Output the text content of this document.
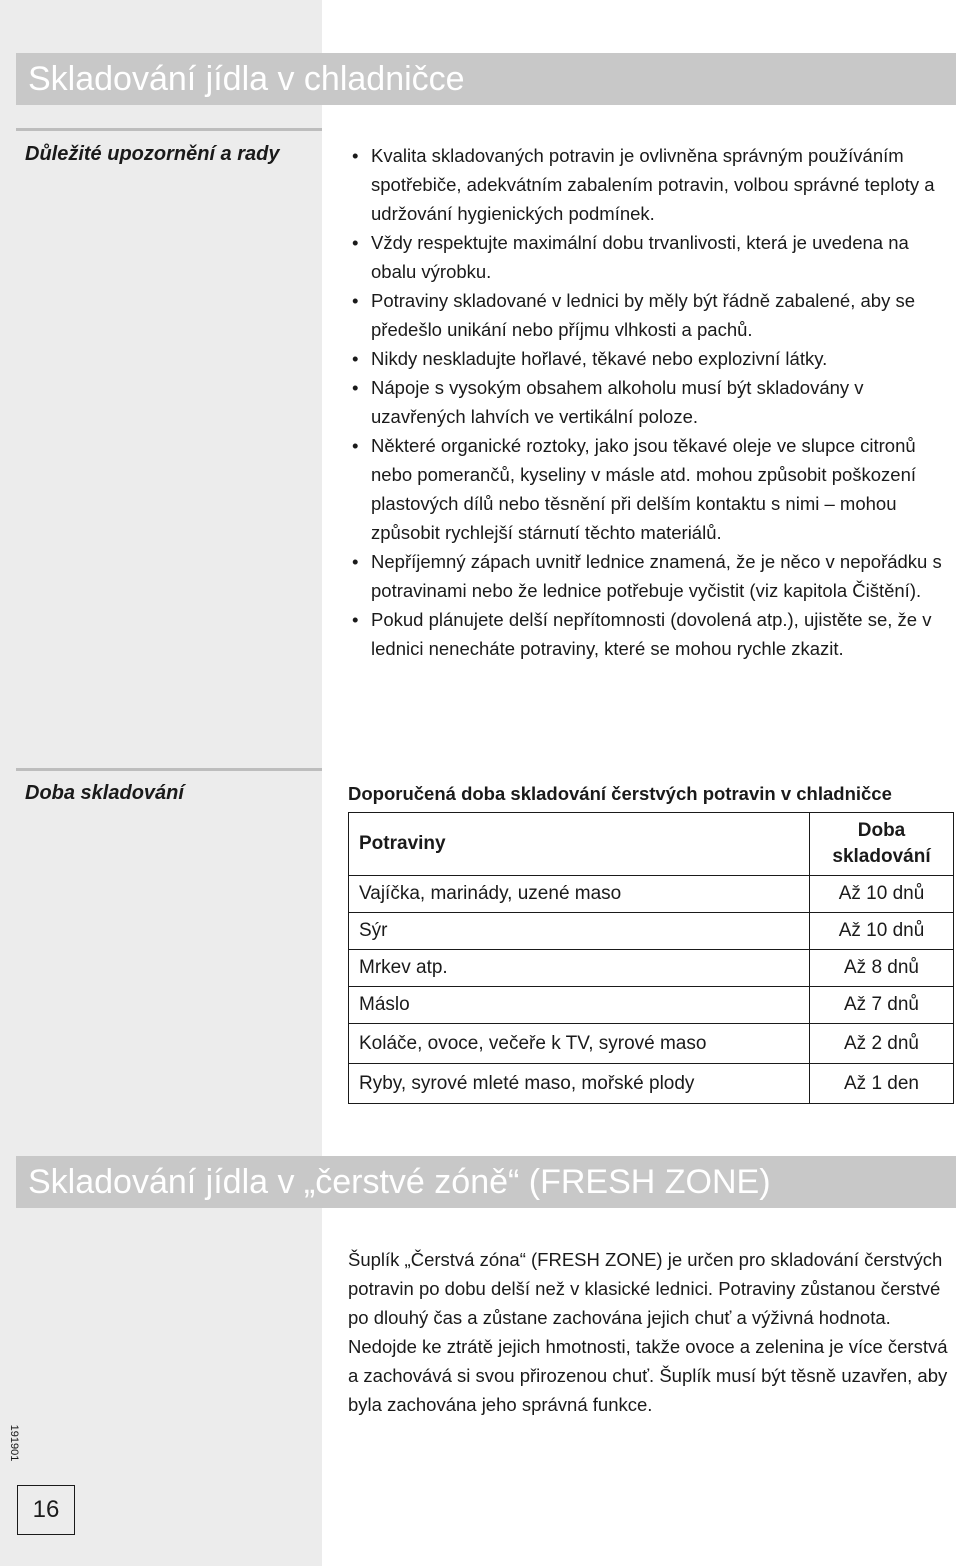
Skladování jídla v chladničce
Důležité upozornění a rady	• Kvalita skladovaných potravin je ovlivněna správným používáním spotřebiče, adekvátním zabalením potravin, volbou správné teploty a udržování hygienických podmínek.
• Vždy respektujte maximální dobu trvanlivosti, která je uvedena na obalu výrobku.
• Potraviny skladované v lednici by měly být řádně zabalené, aby se předešlo unikání nebo příjmu vlhkosti a pachů.
• Nikdy neskladujte hořlavé, těkavé nebo explozivní látky.
• Nápoje s vysokým obsahem alkoholu musí být skladovány v uzavřených lahvích ve vertikální poloze.
• Některé organické roztoky, jako jsou těkavé oleje ve slupce citronů nebo pomerančů, kyseliny v másle atd. mohou způsobit poškození plastových dílů nebo těsnění při delším kontaktu s nimi – mohou způsobit rychlejší stárnutí těchto materiálů.
• Nepříjemný zápach uvnitř lednice znamená, že je něco v nepořádku s potravinami nebo že lednice potřebuje vyčistit (viz kapitola Čištění).
• Pokud plánujete delší nepřítomnosti (dovolená atp.), ujistěte se, že v lednici nenecháte potraviny, které se mohou rychle zkazit.
Doba skladování	Doporučená doba skladování čerstvých potravin v chladničce
Potraviny	Doba skladování
Vajíčka, marinády, uzené maso	Až 10 dnů
Sýr	Až 10 dnů
Mrkev atp.	Až 8 dnů
Máslo	Až 7 dnů
Koláče, ovoce, večeře k TV, syrové maso	Až 2 dnů
Ryby, syrové mleté maso, mořské plody	Až 1 den
Skladování jídla v „čerstvé zóně“ (FRESH ZONE)
Šuplík „Čerstvá zóna“ (FRESH ZONE) je určen pro skladování čerstvých potravin po dobu delší než v klasické lednici. Potraviny zůstanou čerstvé po dlouhý čas a zůstane zachována jejich chuť a výživná hodnota. Nedojde ke ztrátě jejich hmotnosti, takže ovoce a zelenina je více čerstvá a zachovává si svou přirozenou chuť. Šuplík musí být těsně uzavřen, aby byla zachována jeho správná funkce.
191901
16
